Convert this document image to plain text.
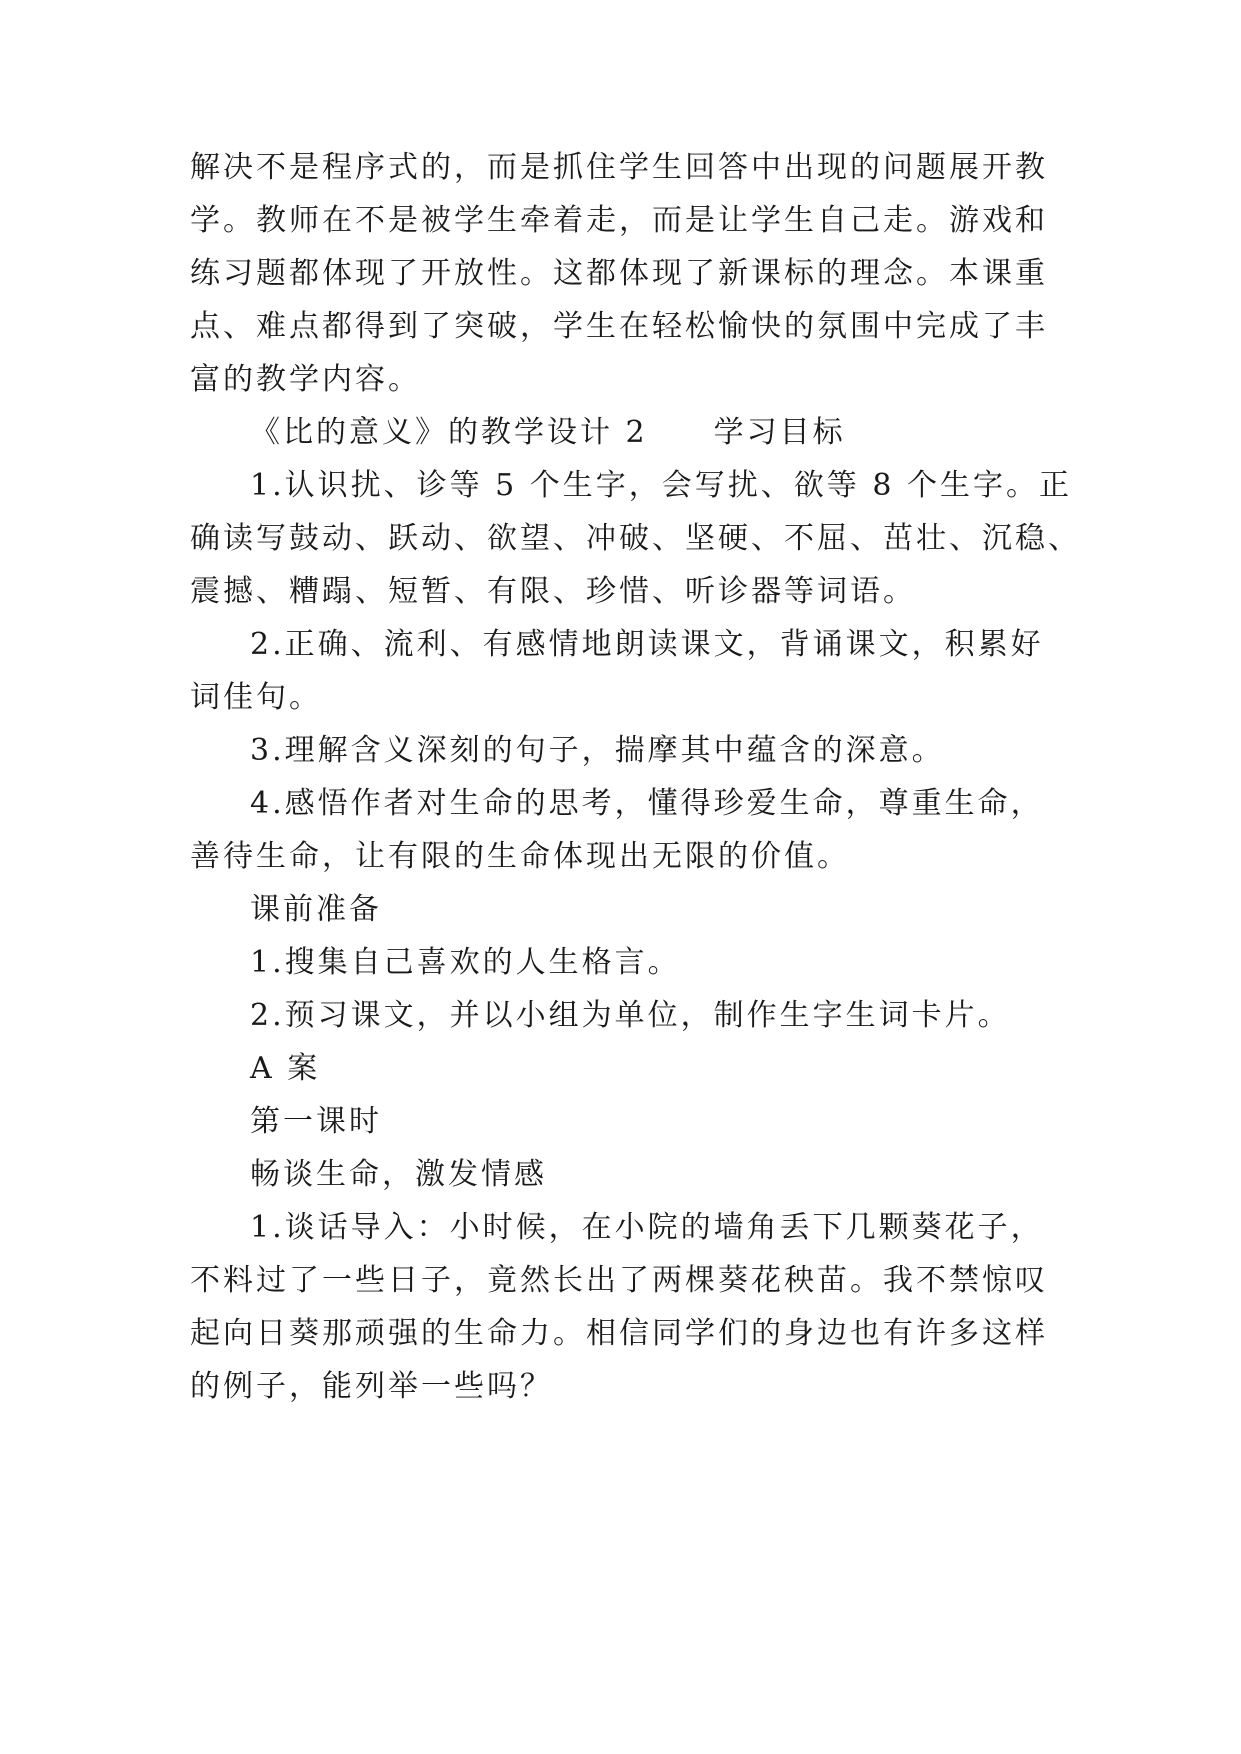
解决不是程序式的，而是抓住学生回答中出现的问题展开教
学。教师在不是被学生牵着走，而是让学生自己走。游戏和
练习题都体现了开放性。这都体现了新课标的理念。本课重
点、难点都得到了突破，学生在轻松愉快的氛围中完成了丰
富的教学内容。
《比的意义》的教学设计 2　　学习目标
1.认识扰、诊等 5 个生字，会写扰、欲等 8 个生字。正
确读写鼓动、跃动、欲望、冲破、坚硬、不屈、茁壮、沉稳、
震撼、糟蹋、短暂、有限、珍惜、听诊器等词语。
2.正确、流利、有感情地朗读课文，背诵课文，积累好
词佳句。
3.理解含义深刻的句子，揣摩其中蕴含的深意。
4.感悟作者对生命的思考，懂得珍爱生命，尊重生命，
善待生命，让有限的生命体现出无限的价值。
课前准备
1.搜集自己喜欢的人生格言。
2.预习课文，并以小组为单位，制作生字生词卡片。
A 案
第一课时
畅谈生命，激发情感
1.谈话导入：小时候，在小院的墙角丢下几颗葵花子，
不料过了一些日子，竟然长出了两棵葵花秧苗。我不禁惊叹
起向日葵那顽强的生命力。相信同学们的身边也有许多这样
的例子，能列举一些吗？
